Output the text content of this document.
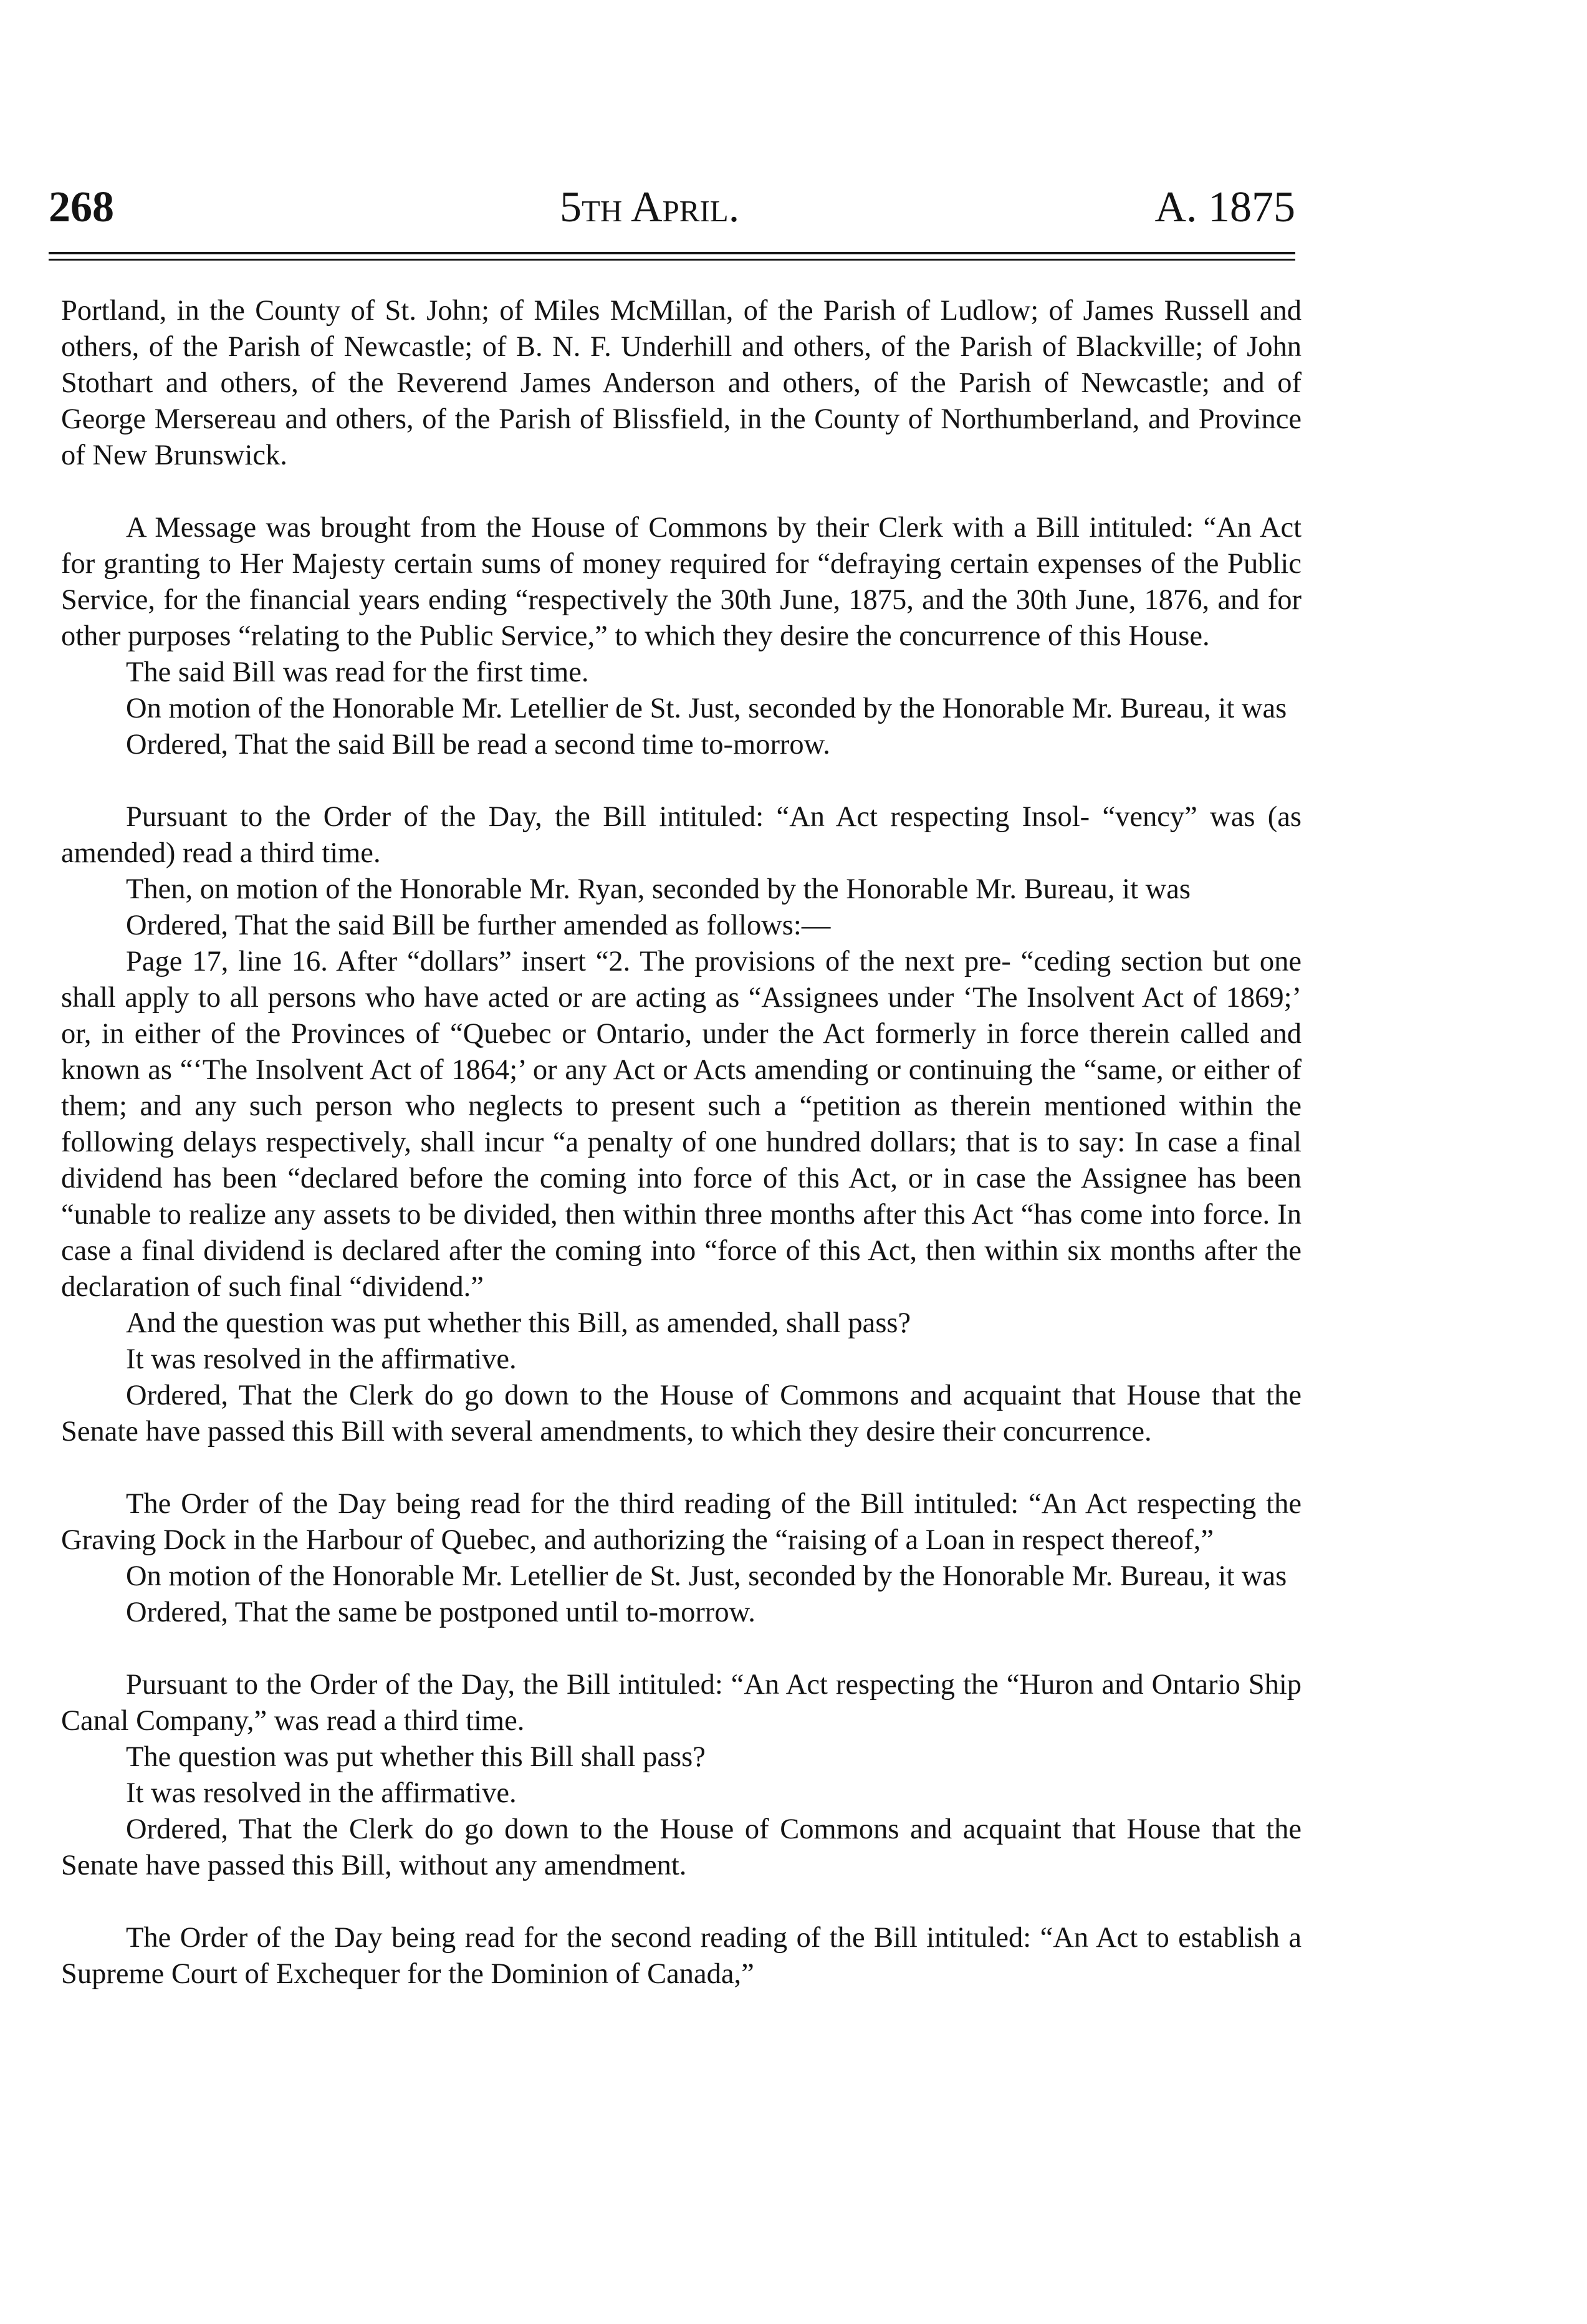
268	5th April.	A. 1875

Portland, in the County of St. John; of Miles McMillan, of the Parish of Ludlow; of James Russell and others, of the Parish of Newcastle; of B. N. F. Underhill and others, of the Parish of Blackville; of John Stothart and others, of the Reverend James Anderson and others, of the Parish of Newcastle; and of George Mersereau and others, of the Parish of Blissfield, in the County of Northumberland, and Province of New Brunswick.

A Message was brought from the House of Commons by their Clerk with a Bill intituled: “An Act for granting to Her Majesty certain sums of money required for “defraying certain expenses of the Public Service, for the financial years ending “respectively the 30th June, 1875, and the 30th June, 1876, and for other purposes “relating to the Public Service,” to which they desire the concurrence of this House.

The said Bill was read for the first time.

On motion of the Honorable Mr. Letellier de St. Just, seconded by the Honorable Mr. Bureau, it was

Ordered, That the said Bill be read a second time to-morrow.

Pursuant to the Order of the Day, the Bill intituled: “An Act respecting Insol- “vency” was (as amended) read a third time.

Then, on motion of the Honorable Mr. Ryan, seconded by the Honorable Mr. Bureau, it was

Ordered, That the said Bill be further amended as follows:—

Page 17, line 16. After “dollars” insert “2. The provisions of the next pre- “ceding section but one shall apply to all persons who have acted or are acting as “Assignees under ‘The Insolvent Act of 1869;’ or, in either of the Provinces of “Quebec or Ontario, under the Act formerly in force therein called and known as “‘The Insolvent Act of 1864;’ or any Act or Acts amending or continuing the “same, or either of them; and any such person who neglects to present such a “petition as therein mentioned within the following delays respectively, shall incur “a penalty of one hundred dollars; that is to say: In case a final dividend has been “declared before the coming into force of this Act, or in case the Assignee has been “unable to realize any assets to be divided, then within three months after this Act “has come into force. In case a final dividend is declared after the coming into “force of this Act, then within six months after the declaration of such final “dividend.”

And the question was put whether this Bill, as amended, shall pass?

It was resolved in the affirmative.

Ordered, That the Clerk do go down to the House of Commons and acquaint that House that the Senate have passed this Bill with several amendments, to which they desire their concurrence.

The Order of the Day being read for the third reading of the Bill intituled: “An Act respecting the Graving Dock in the Harbour of Quebec, and authorizing the “raising of a Loan in respect thereof,”

On motion of the Honorable Mr. Letellier de St. Just, seconded by the Honorable Mr. Bureau, it was

Ordered, That the same be postponed until to-morrow.

Pursuant to the Order of the Day, the Bill intituled: “An Act respecting the “Huron and Ontario Ship Canal Company,” was read a third time.

The question was put whether this Bill shall pass?

It was resolved in the affirmative.

Ordered, That the Clerk do go down to the House of Commons and acquaint that House that the Senate have passed this Bill, without any amendment.

The Order of the Day being read for the second reading of the Bill intituled: “An Act to establish a Supreme Court of Exchequer for the Dominion of Canada,”
